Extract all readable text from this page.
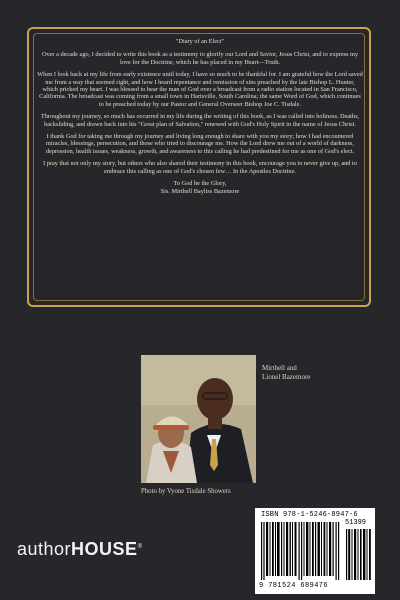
"Diary of an Elect"

Over a decade ago, I decided to write this book as a testimony to glorify our Lord and Savior, Jesus Christ, and to express my love for the Doctrine, which he has placed in my Heart—Truth.

When I look back at my life from early existence until today, I have so much to be thankful for. I am grateful how the Lord saved me from a way that seemed right, and how I heard repentance and remission of sins preached by the late Bishop L. Hunter, which pricked my heart. I was blessed to hear the man of God over a broadcast from a radio station located in San Francisco, California. The broadcast was coming from a small town in Hartsville, South Carolina; the same Word of God, which continues to be preached today by our Pastor and General Overseer Bishop Joe C. Tisdale.

Throughout my journey, so much has occurred in my life during the writing of this book, as I was called into holiness. Deaths, backsliding, and drawn back into his "Great plan of Salvation," renewed with God's Holy Spirit in the name of Jesus Christ.

I thank God for taking me through my journey and living long enough to share with you my story; how I had encountered miracles, blessings, persecution, and those who tried to discourage me. How the Lord drew me out of a world of darkness, depression, health issues, weakness, growth, and awareness to this calling he had predestined for me as one of God's elect.

I pray that not only my story, but others who also shared their testimony in this book, encourage you to never give up, and to embrace this calling as one of God's chosen few… In the Apostles Doctrine.

To God be the Glory,
Sis. Mirthell Bayliss Bazemore
Mirthell and
Lionel Bazemore
Photo by Vyone Tisdale Showers
authorHOUSE®
ISBN 978-1-5246-8947-6
51399
9 781524 689476
